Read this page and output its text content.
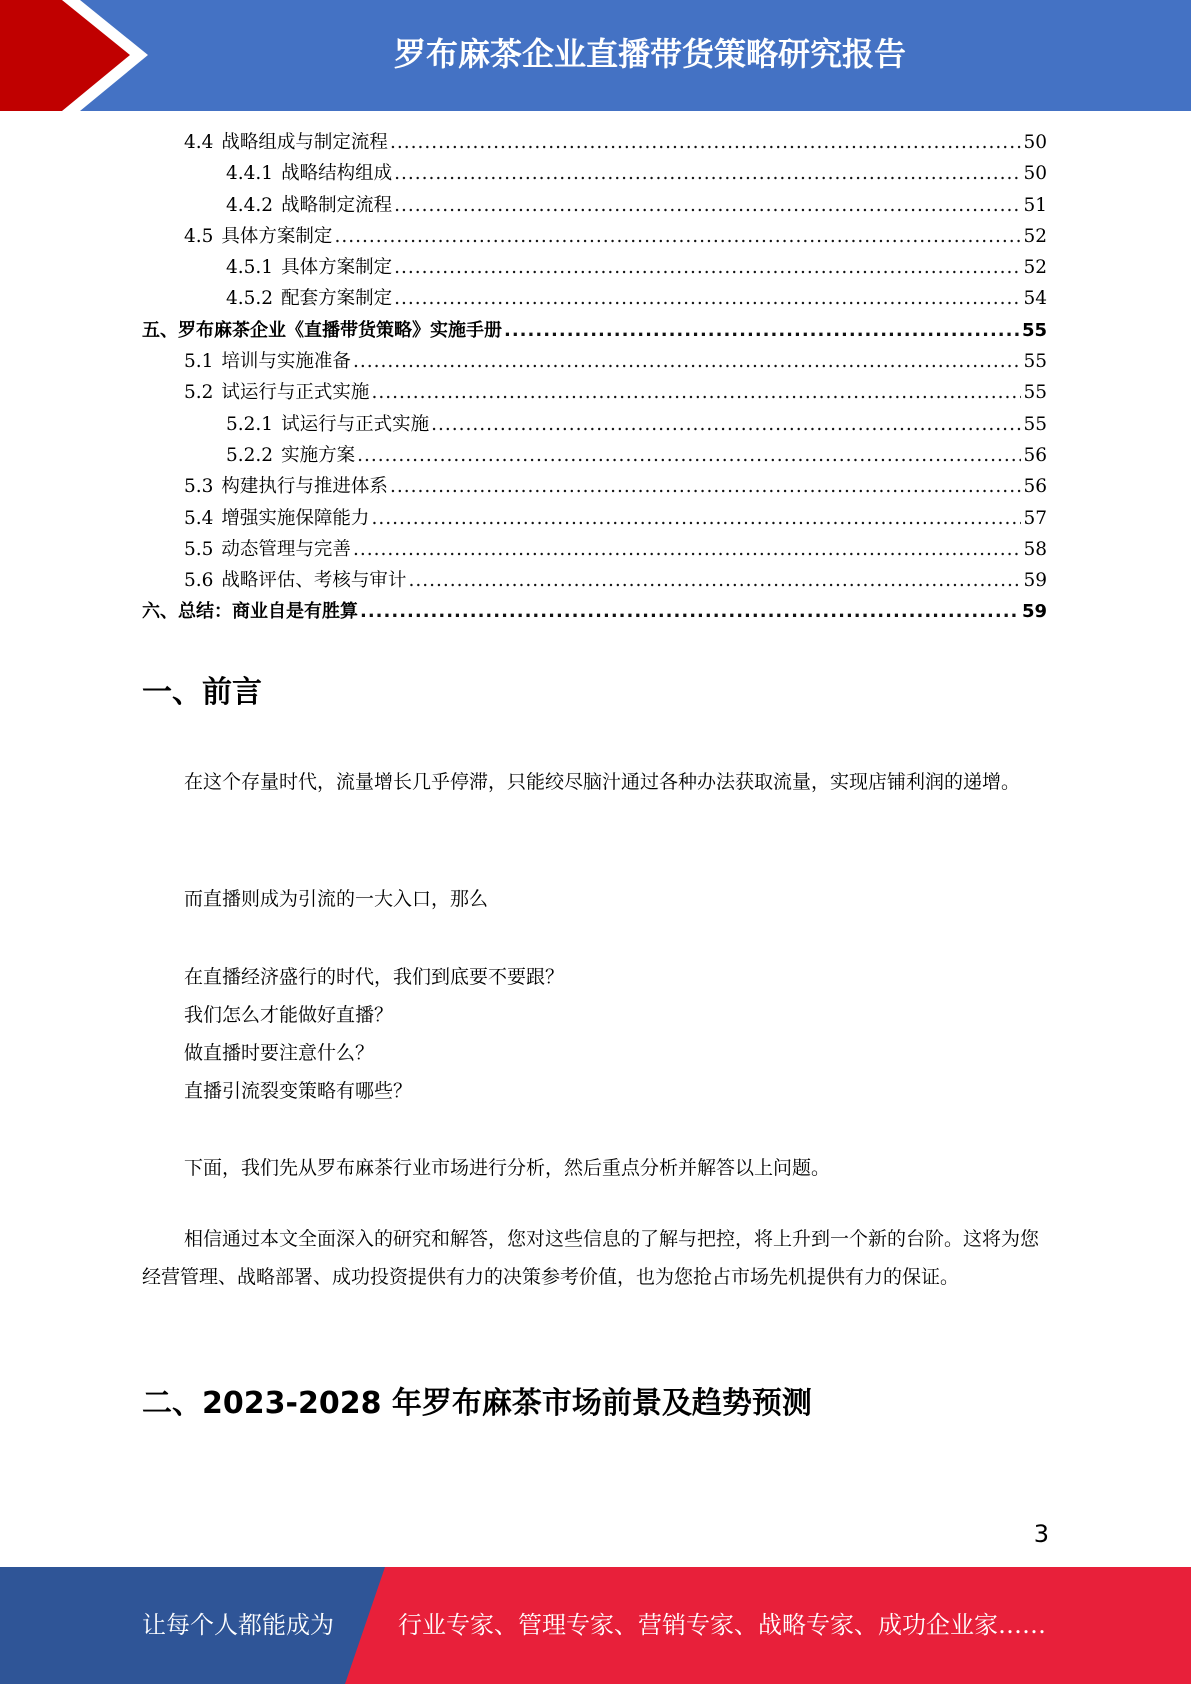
罗布麻茶企业直播带货策略研究报告
4.4 战略组成与制定流程 .....	50
4.4.1 战略结构组成 .....	50
4.4.2 战略制定流程 .....	51
4.5 具体方案制定 .....	52
4.5.1 具体方案制定 .....	52
4.5.2 配套方案制定 .....	54
五、罗布麻茶企业《直播带货策略》实施手册 .....	55
5.1 培训与实施准备 .....	55
5.2 试运行与正式实施 .....	55
5.2.1 试运行与正式实施 .....	55
5.2.2 实施方案 .....	56
5.3 构建执行与推进体系 .....	56
5.4 增强实施保障能力 .....	57
5.5 动态管理与完善 .....	58
5.6 战略评估、考核与审计 .....	59
六、总结：商业自是有胜算 .....	59
一、前言
在这个存量时代，流量增长几乎停滞，只能绞尽脑汁通过各种办法获取流量，实现店铺利润的递增。
而直播则成为引流的一大入口，那么
在直播经济盛行的时代，我们到底要不要跟？
我们怎么才能做好直播？
做直播时要注意什么？
直播引流裂变策略有哪些？
下面，我们先从罗布麻茶行业市场进行分析，然后重点分析并解答以上问题。
相信通过本文全面深入的研究和解答，您对这些信息的了解与把控，将上升到一个新的台阶。这将为您经营管理、战略部署、成功投资提供有力的决策参考价值，也为您抢占市场先机提供有力的保证。
二、2023-2028 年罗布麻茶市场前景及趋势预测
3
让每个人都能成为	行业专家、管理专家、营销专家、战略专家、成功企业家……
